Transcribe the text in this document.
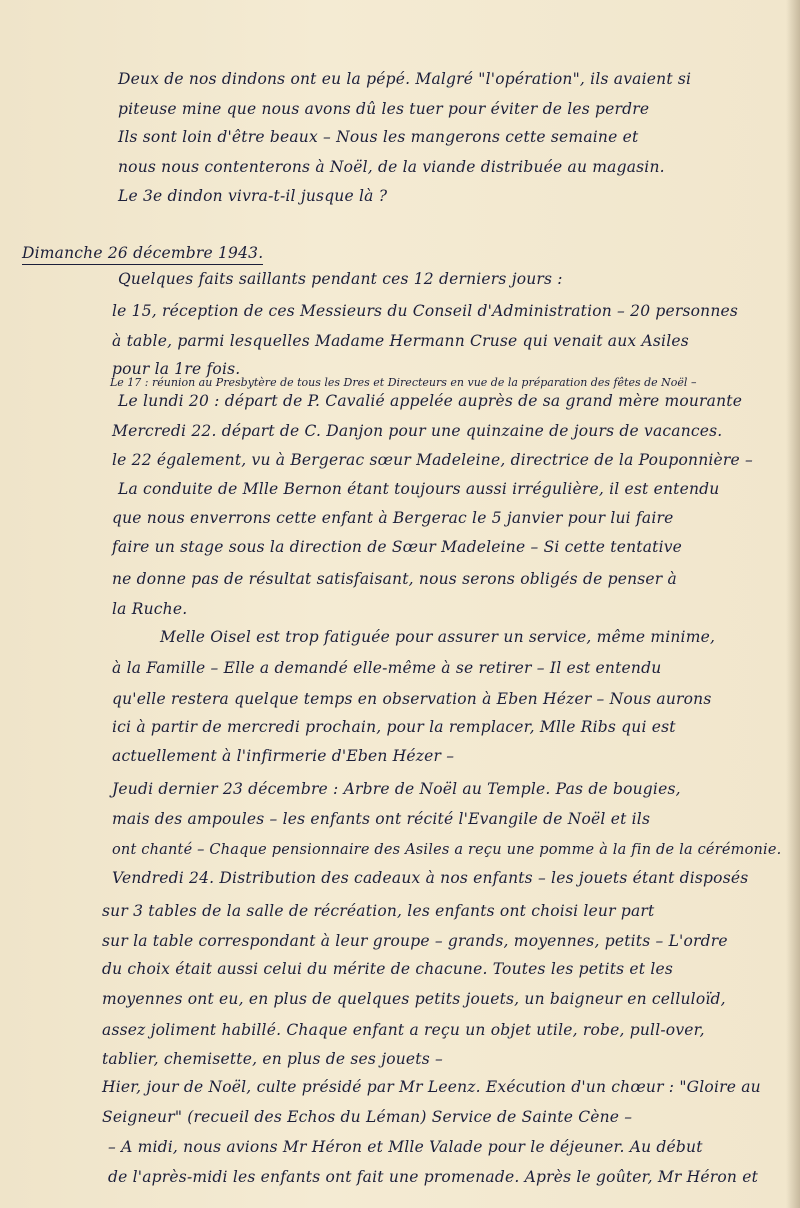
Deux de nos dindons ont eu la pépé. Malgré "l'opération", ils avaient si
piteuse mine que nous avons dû les tuer pour éviter de les perdre
Ils sont loin d'être beaux – Nous les mangerons cette semaine et
nous nous contenterons à Noël, de la viande distribuée au magasin.
Le 3e dindon vivra-t-il jusque là ?
Dimanche 26 décembre 1943.
Quelques faits saillants pendant ces 12 derniers jours :
le 15, réception de ces Messieurs du Conseil d'Administration – 20 personnes
à table, parmi lesquelles Madame Hermann Cruse qui venait aux Asiles
pour la 1re fois.
Le 17 : réunion au Presbytère de tous les Dres et Directeurs en vue de la préparation des fêtes de Noël –
Le lundi 20 : départ de P. Cavalié appelée auprès de sa grand mère mourante
Mercredi 22. départ de C. Danjon pour une quinzaine de jours de vacances.
le 22 également, vu à Bergerac sœur Madeleine, directrice de la Pouponnière –
La conduite de Mlle Bernon étant toujours aussi irrégulière, il est entendu
que nous enverrons cette enfant à Bergerac le 5 janvier pour lui faire
faire un stage sous la direction de Sœur Madeleine – Si cette tentative
ne donne pas de résultat satisfaisant, nous serons obligés de penser à
la Ruche.
Melle Oisel est trop fatiguée pour assurer un service, même minime,
à la Famille – Elle a demandé elle-même à se retirer – Il est entendu
qu'elle restera quelque temps en observation à Eben Hézer – Nous aurons
ici à partir de mercredi prochain, pour la remplacer, Mlle Ribs qui est
actuellement à l'infirmerie d'Eben Hézer –
Jeudi dernier 23 décembre : Arbre de Noël au Temple. Pas de bougies,
mais des ampoules – les enfants ont récité l'Evangile de Noël et ils
ont chanté – Chaque pensionnaire des Asiles a reçu une pomme à la fin de la cérémonie.
Vendredi 24. Distribution des cadeaux à nos enfants – les jouets étant disposés
sur 3 tables de la salle de récréation, les enfants ont choisi leur part
sur la table correspondant à leur groupe – grands, moyennes, petits – L'ordre
du choix était aussi celui du mérite de chacune. Toutes les petits et les
moyennes ont eu, en plus de quelques petits jouets, un baigneur en celluloïd,
assez joliment habillé. Chaque enfant a reçu un objet utile, robe, pull-over,
tablier, chemisette, en plus de ses jouets –
Hier, jour de Noël, culte présidé par Mr Leenz. Exécution d'un chœur : "Gloire au
Seigneur" (recueil des Echos du Léman) Service de Sainte Cène –
– A midi, nous avions Mr Héron et Mlle Valade pour le déjeuner. Au début
de l'après-midi les enfants ont fait une promenade. Après le goûter, Mr Héron et
